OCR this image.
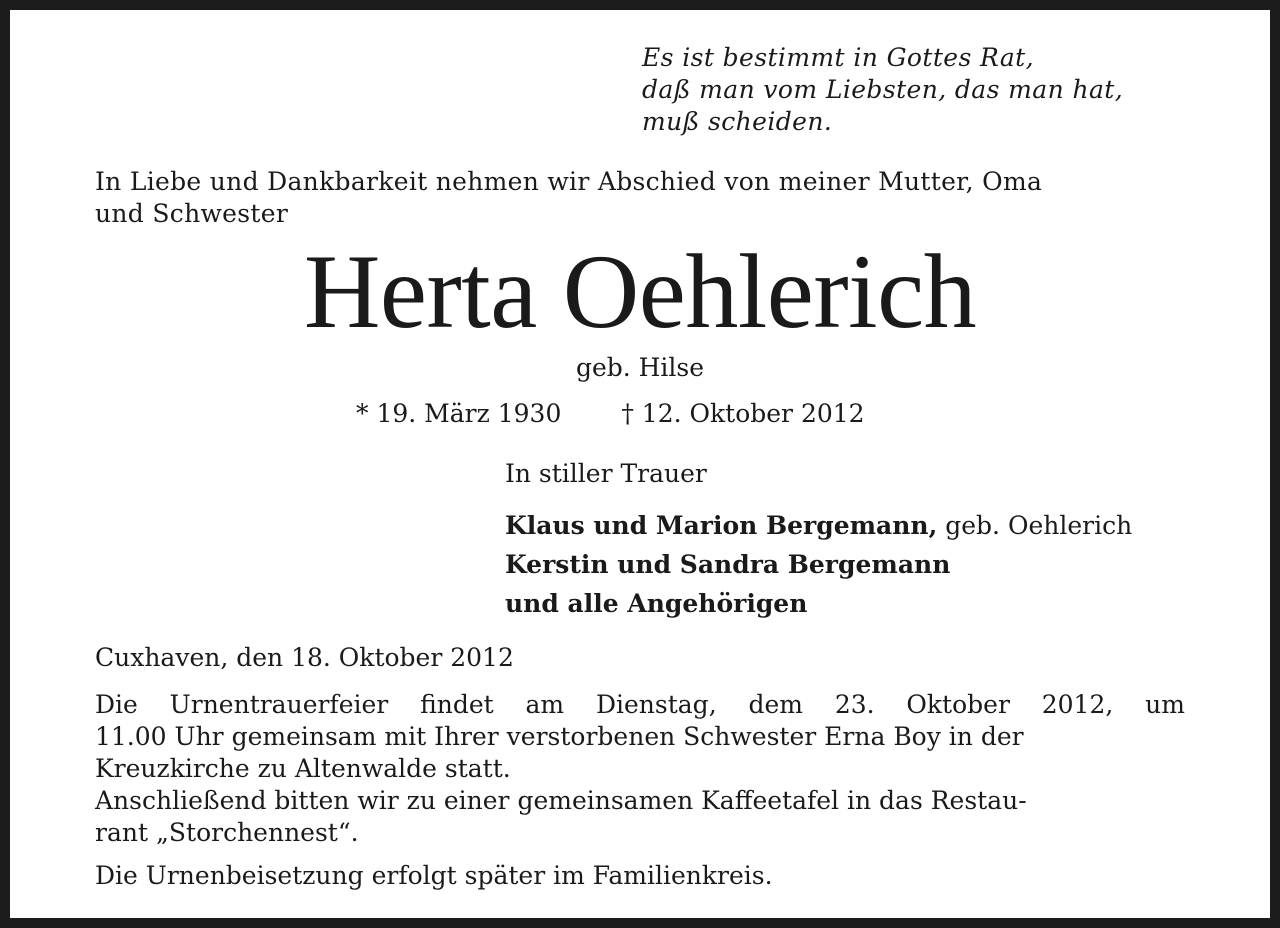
Es ist bestimmt in Gottes Rat,
daß man vom Liebsten, das man hat,
muß scheiden.
In Liebe und Dankbarkeit nehmen wir Abschied von meiner Mutter, Oma
und Schwester
Herta Oehlerich
geb. Hilse
* 19. März 1930 † 12. Oktober 2012
In stiller Trauer
Klaus und Marion Bergemann, geb. Oehlerich
Kerstin und Sandra Bergemann
und alle Angehörigen
Cuxhaven, den 18. Oktober 2012
Die Urnentrauerfeier findet am Dienstag, dem 23. Oktober 2012, um
11.00 Uhr gemeinsam mit Ihrer verstorbenen Schwester Erna Boy in der
Kreuzkirche zu Altenwalde statt.
Anschließend bitten wir zu einer gemeinsamen Kaffeetafel in das Restau-
rant „Storchennest“.
Die Urnenbeisetzung erfolgt später im Familienkreis.
